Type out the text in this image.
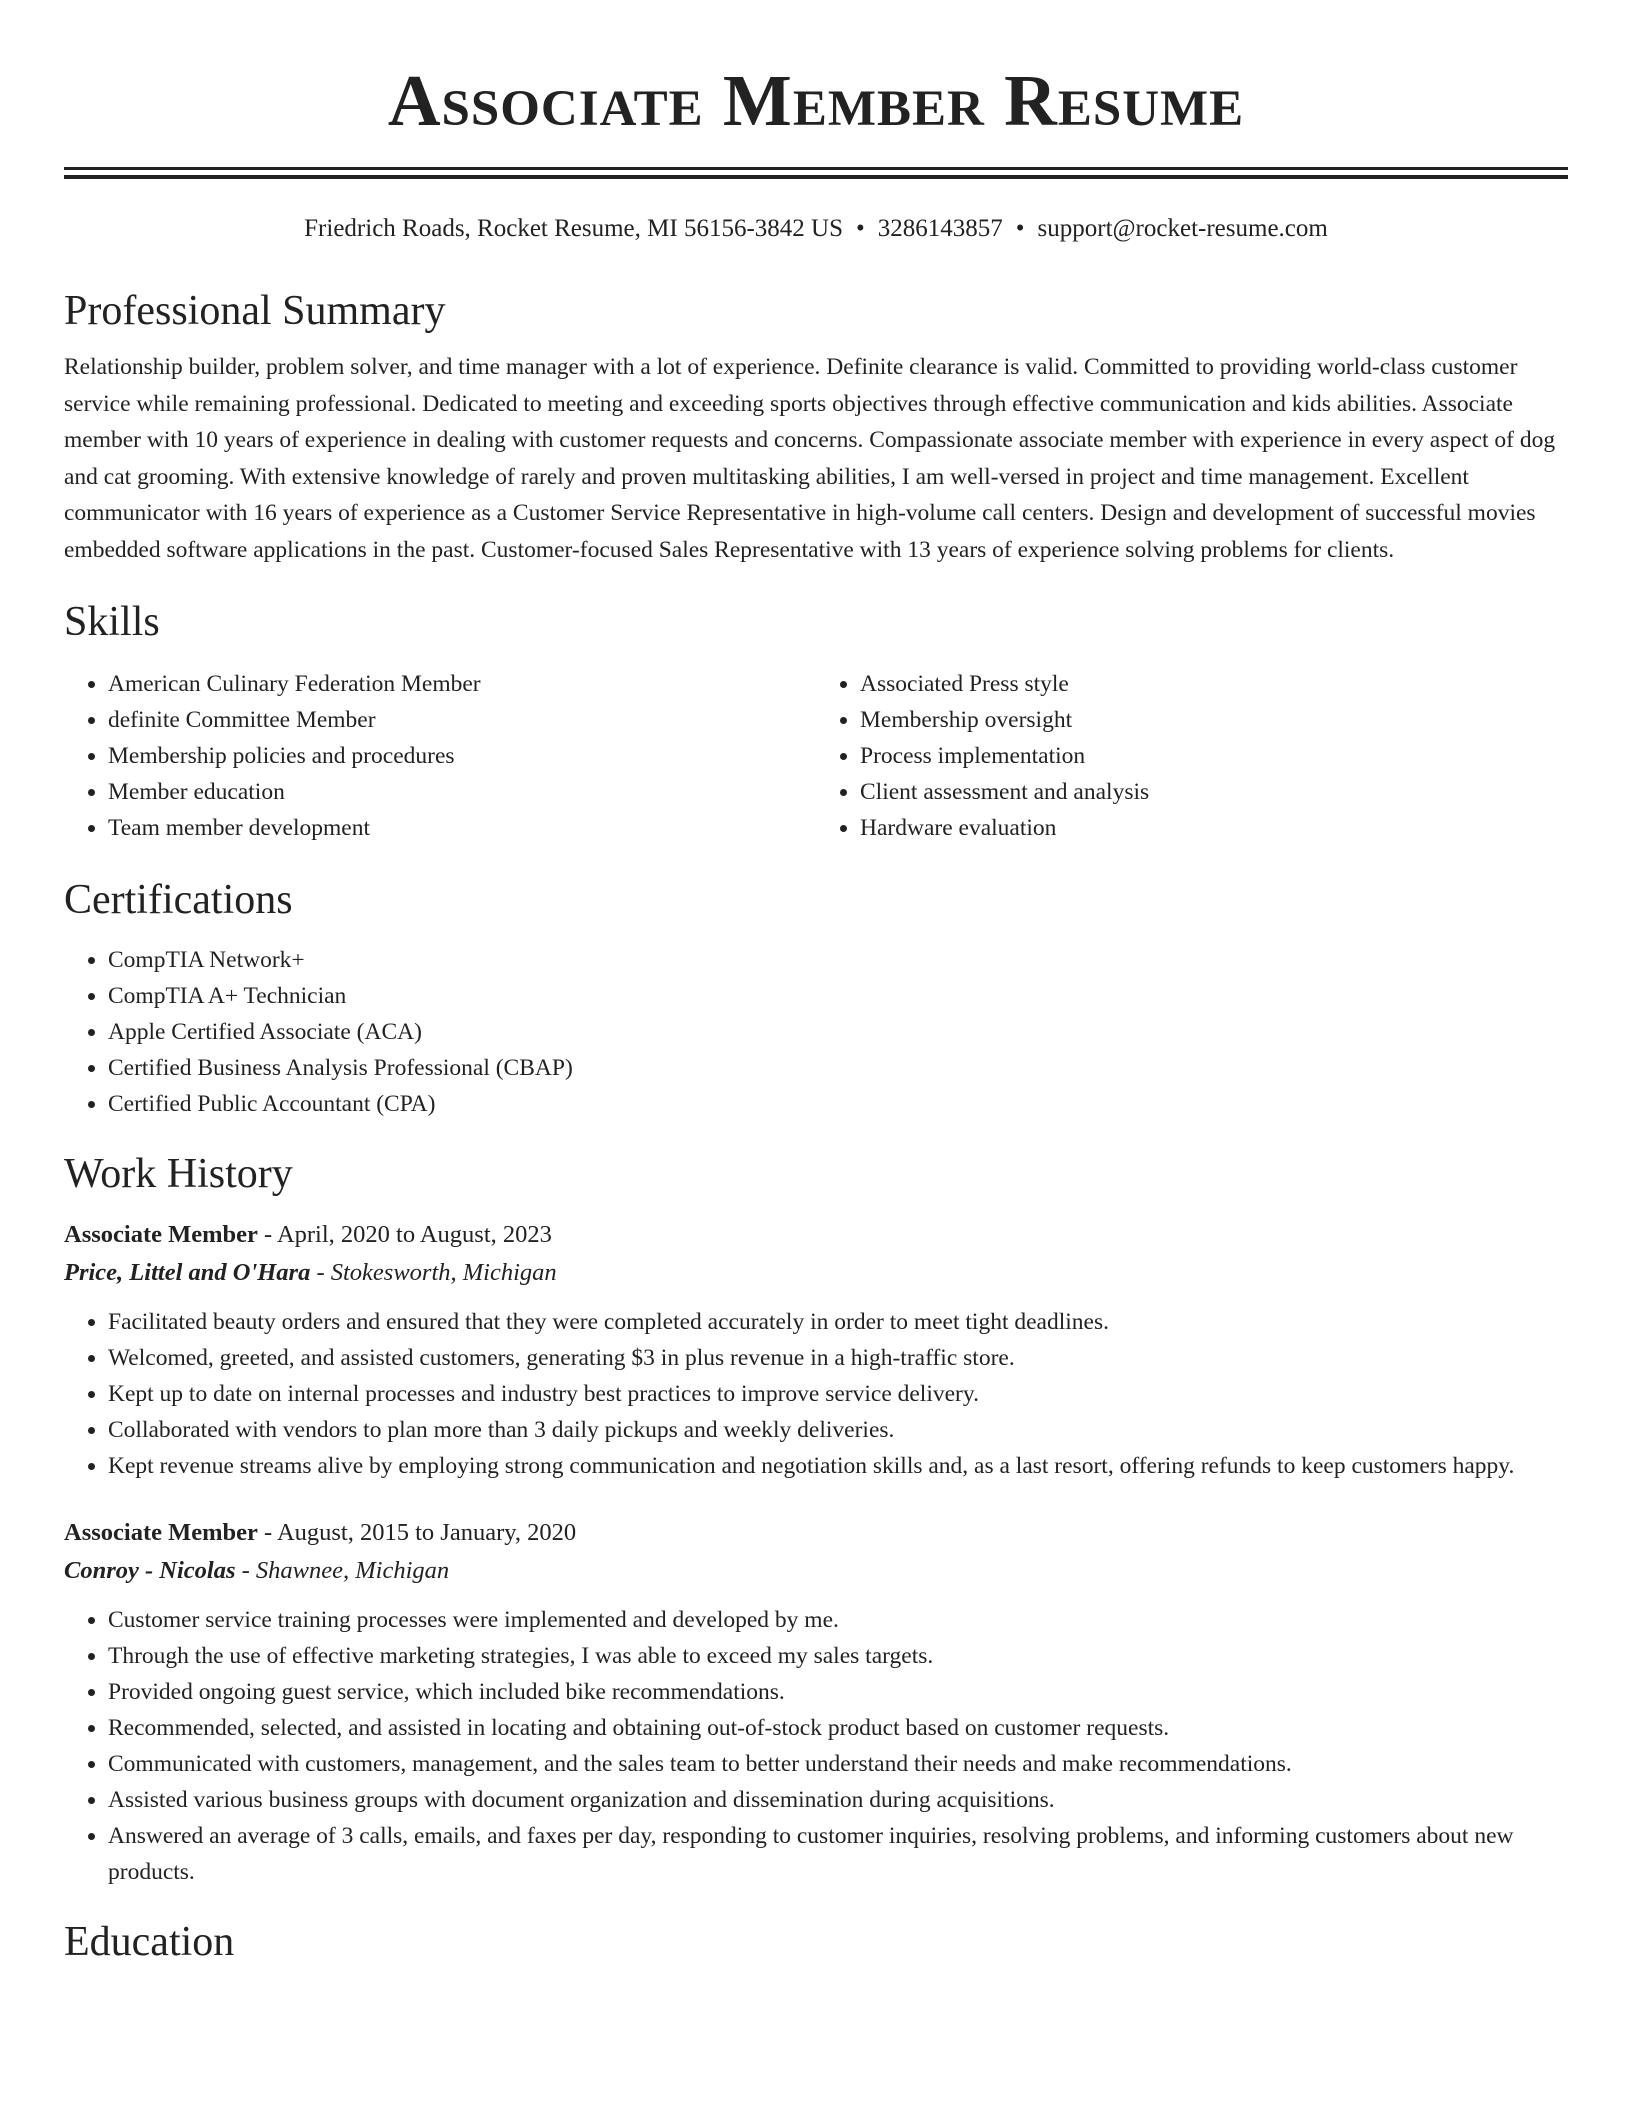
Associate Member Resume
Friedrich Roads, Rocket Resume, MI 56156-3842 US • 3286143857 • support@rocket-resume.com
Professional Summary

Relationship builder, problem solver, and time manager with a lot of experience. Definite clearance is valid. Committed to providing world-class customer service while remaining professional. Dedicated to meeting and exceeding sports objectives through effective communication and kids abilities. Associate member with 10 years of experience in dealing with customer requests and concerns. Compassionate associate member with experience in every aspect of dog and cat grooming. With extensive knowledge of rarely and proven multitasking abilities, I am well-versed in project and time management. Excellent communicator with 16 years of experience as a Customer Service Representative in high-volume call centers. Design and development of successful movies embedded software applications in the past. Customer-focused Sales Representative with 13 years of experience solving problems for clients.

Skills
• American Culinary Federation Member
• definite Committee Member
• Membership policies and procedures
• Member education
• Team member development
• Associated Press style
• Membership oversight
• Process implementation
• Client assessment and analysis
• Hardware evaluation
Certifications
• CompTIA Network+
• CompTIA A+ Technician
• Apple Certified Associate (ACA)
• Certified Business Analysis Professional (CBAP)
• Certified Public Accountant (CPA)
Work History
Associate Member - April, 2020 to August, 2023
Price, Littel and O'Hara - Stokesworth, Michigan
• Facilitated beauty orders and ensured that they were completed accurately in order to meet tight deadlines.
• Welcomed, greeted, and assisted customers, generating $3 in plus revenue in a high-traffic store.
• Kept up to date on internal processes and industry best practices to improve service delivery.
• Collaborated with vendors to plan more than 3 daily pickups and weekly deliveries.
• Kept revenue streams alive by employing strong communication and negotiation skills and, as a last resort, offering refunds to keep customers happy.
Associate Member - August, 2015 to January, 2020
Conroy - Nicolas - Shawnee, Michigan
• Customer service training processes were implemented and developed by me.
• Through the use of effective marketing strategies, I was able to exceed my sales targets.
• Provided ongoing guest service, which included bike recommendations.
• Recommended, selected, and assisted in locating and obtaining out-of-stock product based on customer requests.
• Communicated with customers, management, and the sales team to better understand their needs and make recommendations.
• Assisted various business groups with document organization and dissemination during acquisitions.
• Answered an average of 3 calls, emails, and faxes per day, responding to customer inquiries, resolving problems, and informing customers about new products.
Education
